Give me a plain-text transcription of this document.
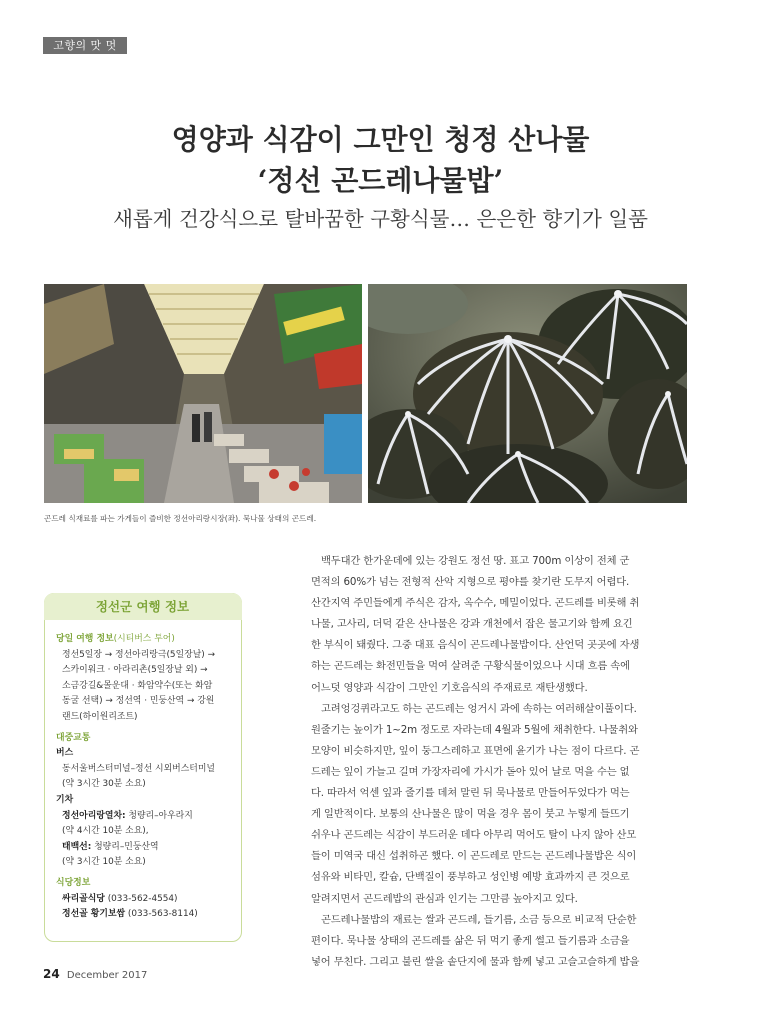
고향의 맛 멋
영양과 식감이 그만인 청정 산나물
‘정선 곤드레나물밥’
새롭게 건강식으로 탈바꿈한 구황식물… 은은한 향기가 일품
곤드레 식재료를 파는 가게들이 즐비한 정선아리랑시장(좌). 묵나물 상태의 곤드레.
정선군 여행 정보
당일 여행 정보(시티버스 투어)
정선5일장 → 정선아리랑극(5일장날) →
스카이워크 · 아라리촌(5일장날 외) →
소금강길&몰운대 · 화암약수(또는 화암
동굴 선택) → 정선역 · 민둥산역 → 강원
랜드(하이원리조트)
대중교통
버스
동서울버스터미널–정선 시외버스터미널
(약 3시간 30분 소요)
기차
정선아리랑열차: 청량리–아우라지
(약 4시간 10분 소요),
태백선: 청량리–민둥산역
(약 3시간 10분 소요)
식당정보
싸리골식당 (033-562-4554)
정선골 황기보쌈 (033-563-8114)
백두대간 한가운데에 있는 강원도 정선 땅. 표고 700m 이상이 전체 군
면적의 60%가 넘는 전형적 산악 지형으로 평야를 찾기란 도무지 어렵다.
산간지역 주민들에게 주식은 감자, 옥수수, 메밀이었다. 곤드레를 비롯해 취
나물, 고사리, 더덕 같은 산나물은 강과 개천에서 잡은 물고기와 함께 요긴
한 부식이 돼줬다. 그중 대표 음식이 곤드레나물밥이다. 산언덕 곳곳에 자생
하는 곤드레는 화전민들을 먹여 살려준 구황식물이었으나 시대 흐름 속에
어느덧 영양과 식감이 그만인 기호음식의 주재료로 재탄생했다.
고려엉겅퀴라고도 하는 곤드레는 엉거시 과에 속하는 여러해살이풀이다.
원줄기는 높이가 1~2m 정도로 자라는데 4월과 5월에 채취한다. 나물취와
모양이 비슷하지만, 잎이 둥그스레하고 표면에 윤기가 나는 점이 다르다. 곤
드레는 잎이 가늘고 길며 가장자리에 가시가 돋아 있어 날로 먹을 수는 없
다. 따라서 억센 잎과 줄기를 데쳐 말린 뒤 묵나물로 만들어두었다가 먹는
게 일반적이다. 보통의 산나물은 많이 먹을 경우 몸이 붓고 누렇게 들뜨기
쉬우나 곤드레는 식감이 부드러운 데다 아무리 먹어도 탈이 나지 않아 산모
들이 미역국 대신 섭취하곤 했다. 이 곤드레로 만드는 곤드레나물밥은 식이
섬유와 비타민, 칼슘, 단백질이 풍부하고 성인병 예방 효과까지 큰 것으로
알려지면서 곤드레밥의 관심과 인기는 그만큼 높아지고 있다.
곤드레나물밥의 재료는 쌀과 곤드레, 들기름, 소금 등으로 비교적 단순한
편이다. 묵나물 상태의 곤드레를 삶은 뒤 먹기 좋게 썰고 들기름과 소금을
넣어 무친다. 그리고 불린 쌀을 솥단지에 물과 함께 넣고 고슬고슬하게 밥을
24 December 2017
